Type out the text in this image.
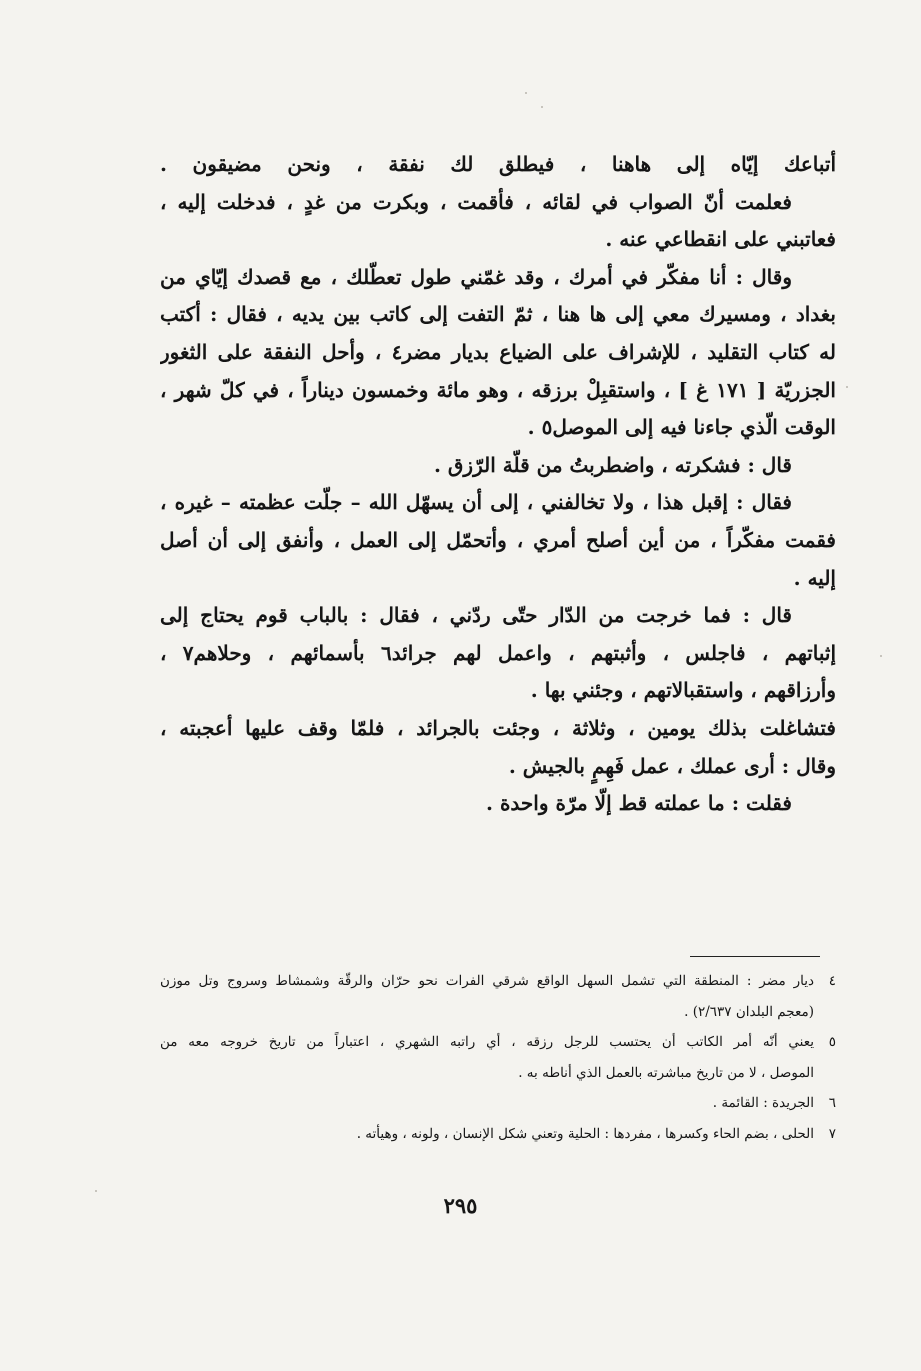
أتباعك إيّاه إلى هاهنا ، فيطلق لك نفقة ، ونحن مضيقون .
فعلمت أنّ الصواب في لقائه ، فأقمت ، وبكرت من غدٍ ، فدخلت إليه ،
فعاتبني على انقطاعي عنه .
وقال : أنا مفكّر في أمرك ، وقد غمّني طول تعطّلك ، مع قصدك إيّاي من
بغداد ، ومسيرك معي إلى ها هنا ، ثمّ التفت إلى كاتب بين يديه ، فقال : أكتب
له كتاب التقليد ، للإشراف على الضياع بديار مضر٤ ، وأحل النفقة على الثغور
الجزريّة [ ١٧١ غ ] ، واستقبِلْ برزقه ، وهو مائة وخمسون ديناراً ، في كلّ شهر ،
الوقت الّذي جاءنا فيه إلى الموصل٥ .
قال : فشكرته ، واضطربتُ من قلّة الرّزق .
فقال : إقبل هذا ، ولا تخالفني ، إلى أن يسهّل الله – جلّت عظمته – غيره ،
فقمت مفكّراً ، من أين أصلح أمري ، وأتحمّل إلى العمل ، وأنفق إلى أن أصل
إليه .
قال : فما خرجت من الدّار حتّى ردّني ، فقال : بالباب قوم يحتاج إلى
إثباتهم ، فاجلس ، وأثبتهم ، واعمل لهم جرائد٦ بأسمائهم ، وحلاهم٧ ،
وأرزاقهم ، واستقبالاتهم ، وجئني بها .
فتشاغلت بذلك يومين ، وثلاثة ، وجئت بالجرائد ، فلمّا وقف عليها أعجبته ،
وقال : أرى عملك ، عمل فَهِمٍ بالجيش .
فقلت : ما عملته قط إلّا مرّة واحدة .
٤ديار مضر : المنطقة التي تشمل السهل الواقع شرقي الفرات نحو حرّان والرقّة وشمشاط وسروج وتل موزن
(معجم البلدان ٢/٦٣٧) .
٥يعني أنّه أمر الكاتب أن يحتسب للرجل رزقه ، أي راتبه الشهري ، اعتباراً من تاريخ خروجه معه من
الموصل ، لا من تاريخ مباشرته بالعمل الذي أناطه به .
٦الجريدة : القائمة .
٧الحلى ، بضم الحاء وكسرها ، مفردها : الحلية وتعني شكل الإنسان ، ولونه ، وهيأته .
٢٩٥
